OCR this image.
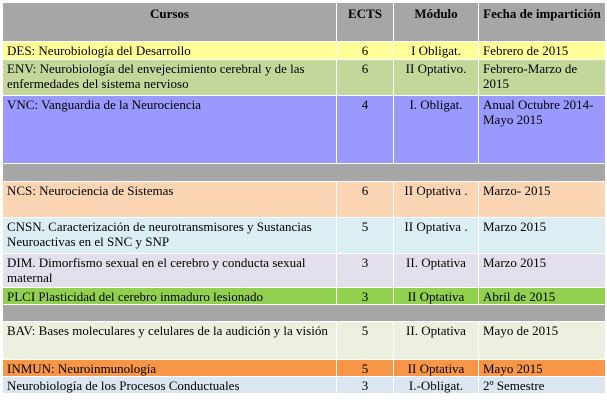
Cursos	ECTS	Módulo	Fecha de impartición
DES: Neurobiología del Desarrollo	6	I Obligat.	Febrero de 2015
ENV: Neurobiología del envejecimiento cerebral y de las enfermedades del sistema nervioso	6	II Optativo.	Febrero-Marzo de 2015
VNC: Vanguardia de la Neurociencia	4	I. Obligat.	Anual Octubre 2014-Mayo 2015

NCS: Neurociencia de Sistemas	6	II Optativa .	Marzo- 2015
CNSN. Caracterización de neurotransmisores y Sustancias Neuroactivas en el SNC y SNP	5	II Optativa .	Marzo 2015
DIM. Dimorfismo sexual en el cerebro y conducta sexual maternal	3	II. Optativa	Marzo 2015
PLCI Plasticidad del cerebro inmaduro lesionado	3	II Optativa	Abril de 2015

BAV: Bases moleculares y celulares de la audición y la visión	5	II. Optativa	Mayo de 2015
INMUN: Neuroinmunología	5	II Optativa	Mayo 2015
Neurobiología de los Procesos Conductuales	3	I.-Obligat.	2º Semestre
